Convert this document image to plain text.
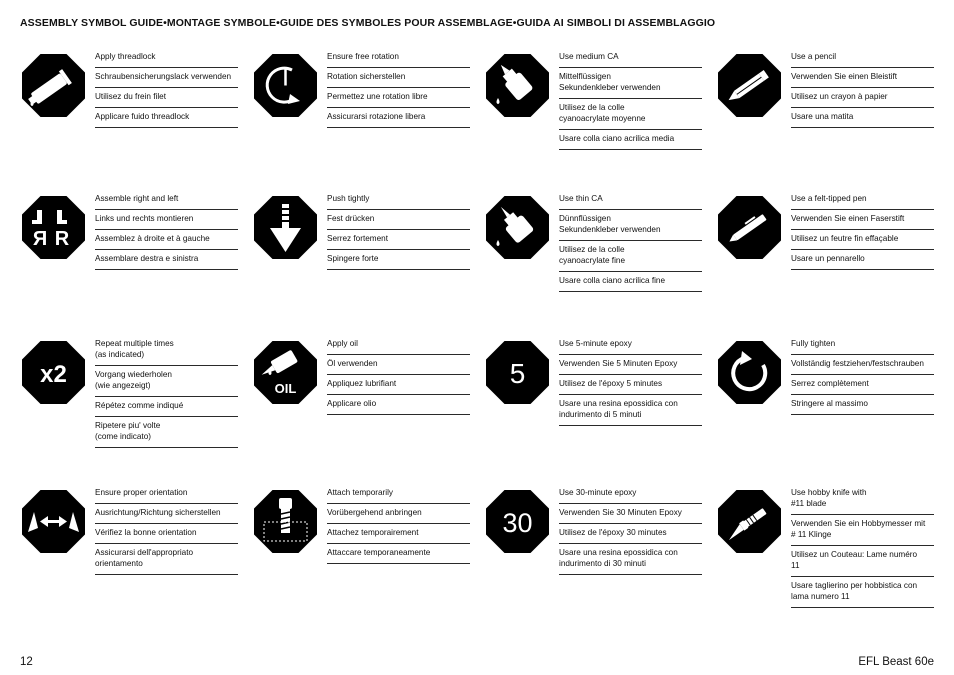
ASSEMBLY SYMBOL GUIDE•MONTAGE SYMBOLE•GUIDE DES SYMBOLES POUR ASSEMBLAGE•GUIDA AI SIMBOLI DI ASSEMBLAGGIO
Apply threadlock
Schraubensicherungslack verwenden
Utilisez du frein filet
Applicare fuido threadlock
Ensure free rotation
Rotation sicherstellen
Permettez une rotation libre
Assicurarsi rotazione libera
Use medium CA
Mittelflüssigen
Sekundenkleber verwenden
Utilisez de la colle
cyanoacrylate moyenne
Usare colla ciano acrilica media
Use a pencil
Verwenden Sie einen Bleistift
Utilisez un crayon à papier
Usare una matita
R R
Assemble right and left
Links und rechts montieren
Assemblez à droite et à gauche
Assemblare destra e sinistra
Push tightly
Fest drücken
Serrez fortement
Spingere forte
Use thin CA
Dünnflüssigen
Sekundenkleber verwenden
Utilisez de la colle
cyanoacrylate fine
Usare colla ciano acrilica fine
Use a felt-tipped pen
Verwenden Sie einen Faserstift
Utilisez un feutre fin effaçable
Usare un pennarello
x2
Repeat multiple times
(as indicated)
Vorgang wiederholen
(wie angezeigt)
Répétez comme indiqué
Ripetere piu' volte
(come indicato)
OIL
Apply oil
Öl verwenden
Appliquez lubrifiant
Applicare olio
5
Use 5-minute epoxy
Verwenden Sie 5 Minuten Epoxy
Utilisez de l'époxy 5 minutes
Usare una resina epossidica con
indurimento di 5 minuti
Fully tighten
Vollständig festziehen/festschrauben
Serrez complètement
Stringere al massimo
Ensure proper orientation
Ausrichtung/Richtung sicherstellen
Vérifiez la bonne orientation
Assicurarsi dell'appropriato
orientamento
Attach temporarily
Vorübergehend anbringen
Attachez temporairement
Attaccare temporaneamente
30
Use 30-minute epoxy
Verwenden Sie 30 Minuten Epoxy
Utilisez de l'époxy 30 minutes
Usare una resina epossidica con
indurimento di 30 minuti
Use hobby knife with
#11 blade
Verwenden Sie ein Hobbymesser mit
# 11 Klinge
Utilisez un Couteau: Lame numéro
11
Usare taglierino per hobbistica con
lama numero 11
12	EFL Beast 60e
